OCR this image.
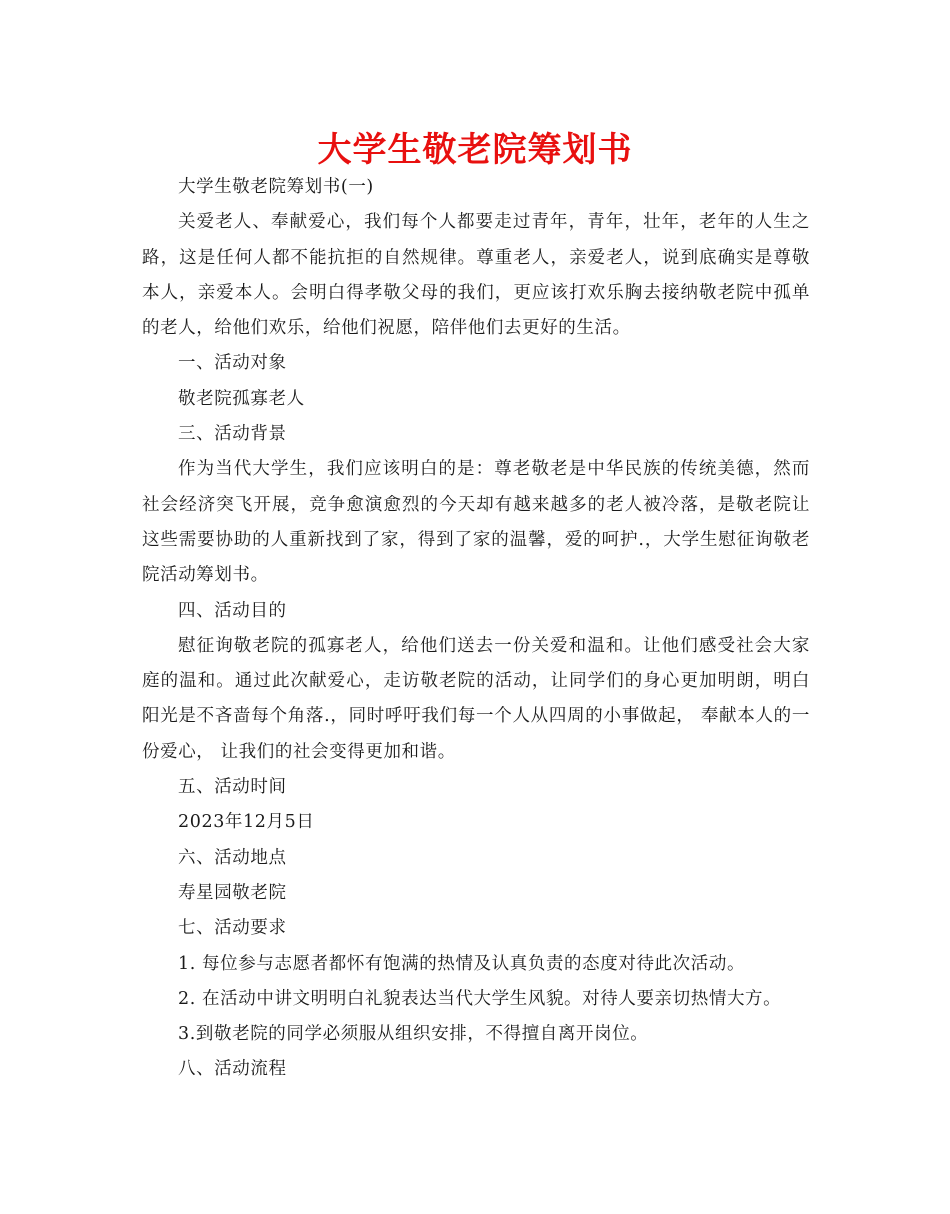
大学生敬老院筹划书

大学生敬老院筹划书(一)

关爱老人、奉献爱心，我们每个人都要走过青年，青年，壮年，老年的人生之路，这是任何人都不能抗拒的自然规律。尊重老人，亲爱老人，说到底确实是尊敬本人，亲爱本人。会明白得孝敬父母的我们，更应该打欢乐胸去接纳敬老院中孤单的老人，给他们欢乐，给他们祝愿，陪伴他们去更好的生活。

一、活动对象

敬老院孤寡老人

三、活动背景

作为当代大学生，我们应该明白的是：尊老敬老是中华民族的传统美德，然而社会经济突飞开展，竞争愈演愈烈的今天却有越来越多的老人被冷落，是敬老院让这些需要协助的人重新找到了家，得到了家的温馨，爱的呵护.，大学生慰征询敬老院活动筹划书。

四、活动目的

慰征询敬老院的孤寡老人，给他们送去一份关爱和温和。让他们感受社会大家庭的温和。通过此次献爱心，走访敬老院的活动，让同学们的身心更加明朗，明白阳光是不吝啬每个角落.，同时呼吁我们每一个人从四周的小事做起， 奉献本人的一份爱心， 让我们的社会变得更加和谐。

五、活动时间

2023年12月5日

六、活动地点

寿星园敬老院

七、活动要求

1. 每位参与志愿者都怀有饱满的热情及认真负责的态度对待此次活动。

2. 在活动中讲文明明白礼貌表达当代大学生风貌。对待人要亲切热情大方。

3.到敬老院的同学必须服从组织安排，不得擅自离开岗位。

八、活动流程
